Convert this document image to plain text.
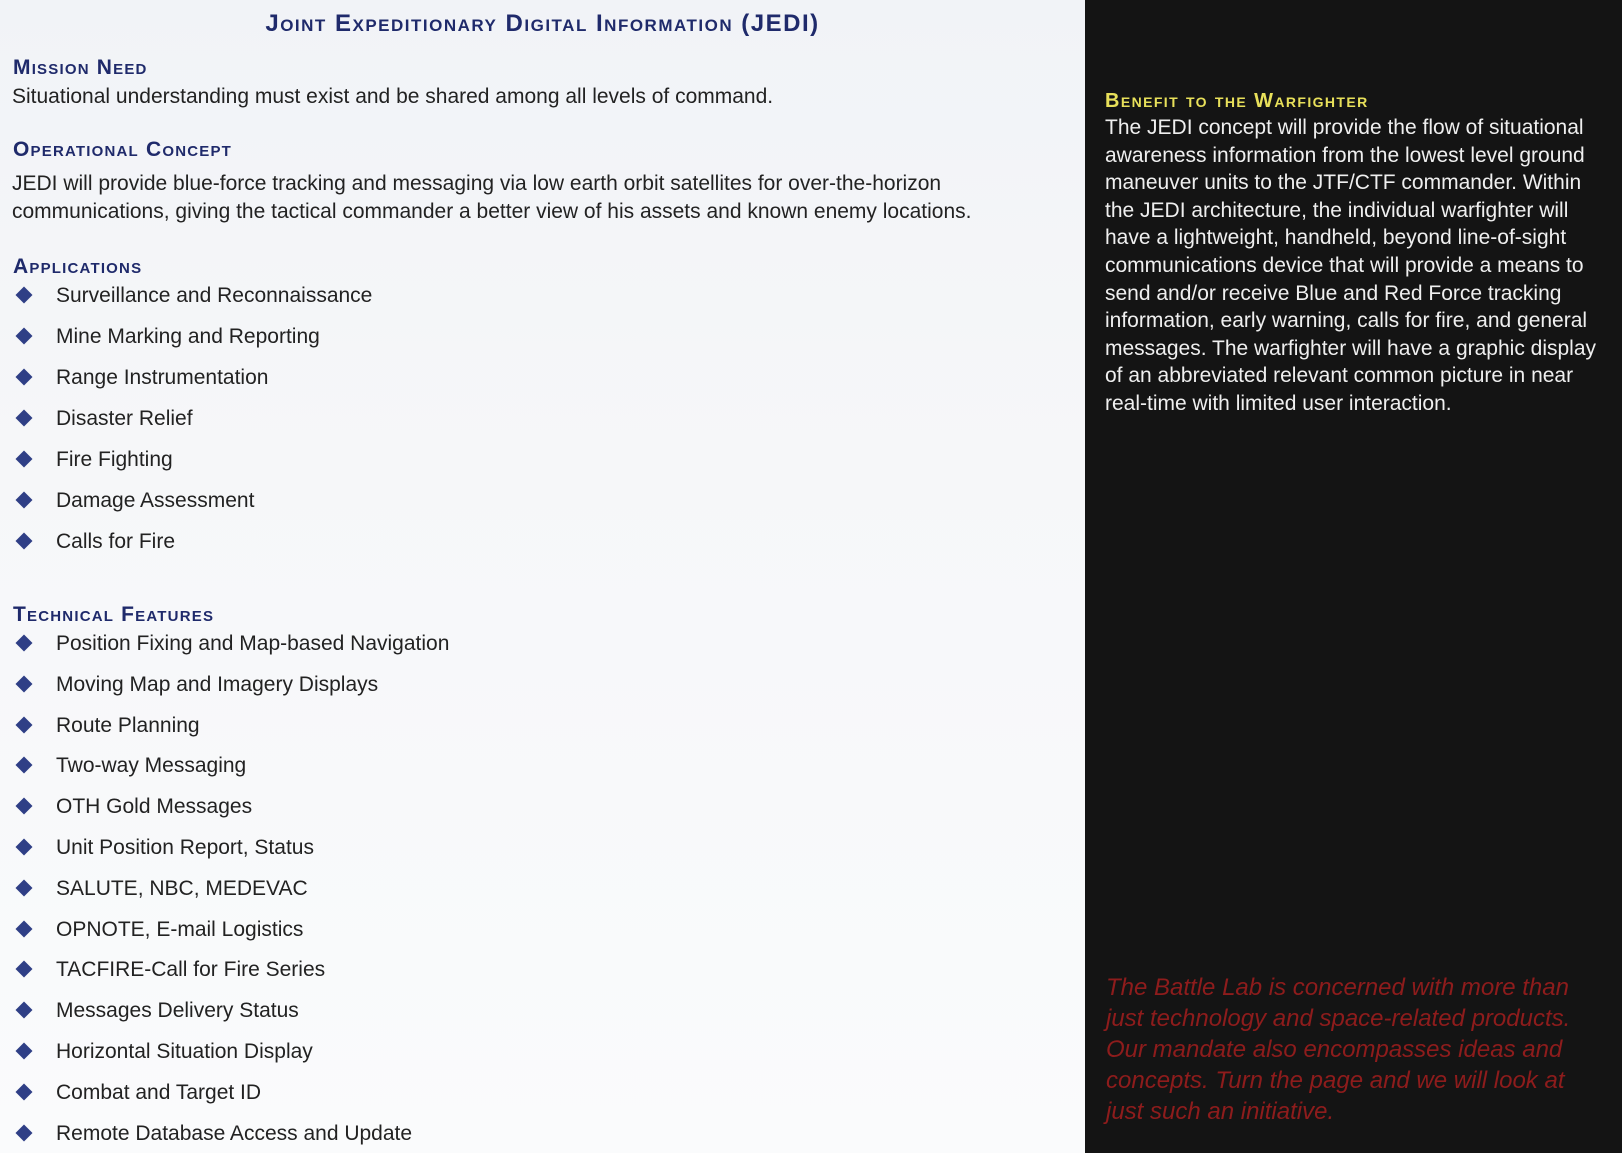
Joint Expeditionary Digital Information (JEDI)
Mission Need
Situational understanding must exist and be shared among all levels of command.
Operational Concept
JEDI will provide blue-force tracking and messaging via low earth orbit satellites for over-the-horizon communications, giving the tactical commander a better view of his assets and known enemy locations.
Applications
Surveillance and Reconnaissance
Mine Marking and Reporting
Range Instrumentation
Disaster Relief
Fire Fighting
Damage Assessment
Calls for Fire
Technical Features
Position Fixing and Map-based Navigation
Moving Map and Imagery Displays
Route Planning
Two-way Messaging
OTH Gold Messages
Unit Position Report, Status
SALUTE, NBC, MEDEVAC
OPNOTE, E-mail Logistics
TACFIRE-Call for Fire Series
Messages Delivery Status
Horizontal Situation Display
Combat and Target ID
Remote Database Access and Update
Benefit to the Warfighter
The JEDI concept will provide the flow of situational awareness information from the lowest level ground maneuver units to the JTF/CTF commander. Within the JEDI architecture, the individual warfighter will have a lightweight, handheld, beyond line-of-sight communications device that will provide a means to send and/or receive Blue and Red Force tracking information, early warning, calls for fire, and general messages. The warfighter will have a graphic display of an abbreviated relevant common picture in near real-time with limited user interaction.
The Battle Lab is concerned with more than just technology and space-related products. Our mandate also encompasses ideas and concepts. Turn the page and we will look at just such an initiative.
